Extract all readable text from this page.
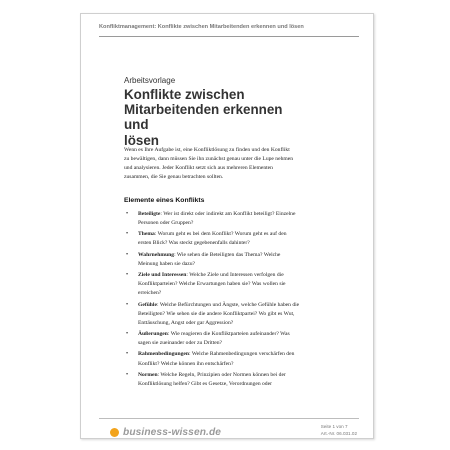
Konfliktmanagement: Konflikte zwischen Mitarbeitenden erkennen und lösen
Arbeitsvorlage
Konflikte zwischen
Mitarbeitenden erkennen und
lösen
Wenn es Ihre Aufgabe ist, eine Konfliktlösung zu finden und den Konflikt
zu bewältigen, dann müssen Sie ihn zunächst genau unter die Lupe nehmen
und analysieren. Jeder Konflikt setzt sich aus mehreren Elementen
zusammen, die Sie genau betrachten sollten.
Elemente eines Konflikts
• Beteiligte: Wer ist direkt oder indirekt am Konflikt beteiligt? Einzelne
Personen oder Gruppen?
• Thema: Worum geht es bei dem Konflikt? Worum geht es auf den
ersten Blick? Was steckt gegebenenfalls dahinter?
• Wahrnehmung: Wie sehen die Beteiligten das Thema? Welche
Meinung haben sie dazu?
• Ziele und Interessen: Welche Ziele und Interessen verfolgen die
Konfliktparteien? Welche Erwartungen haben sie? Was wollen sie
erreichen?
• Gefühle: Welche Befürchtungen und Ängste, welche Gefühle haben die
Beteiligten? Wie sehen sie die andere Konfliktpartei? Wo gibt es Wut,
Enttäuschung, Angst oder gar Aggression?
• Äußerungen: Wie reagieren die Konfliktparteien aufeinander? Was
sagen sie zueinander oder zu Dritten?
• Rahmenbedingungen: Welche Rahmenbedingungen verschärfen den
Konflikt? Welche können ihn entschärfen?
• Normen: Welche Regeln, Prinzipien oder Normen können bei der
Konfliktlösung helfen? Gibt es Gesetze, Verordnungen oder
business-wissen.de
Seite 1 von 7
Art.-Nr. 06.031.02
